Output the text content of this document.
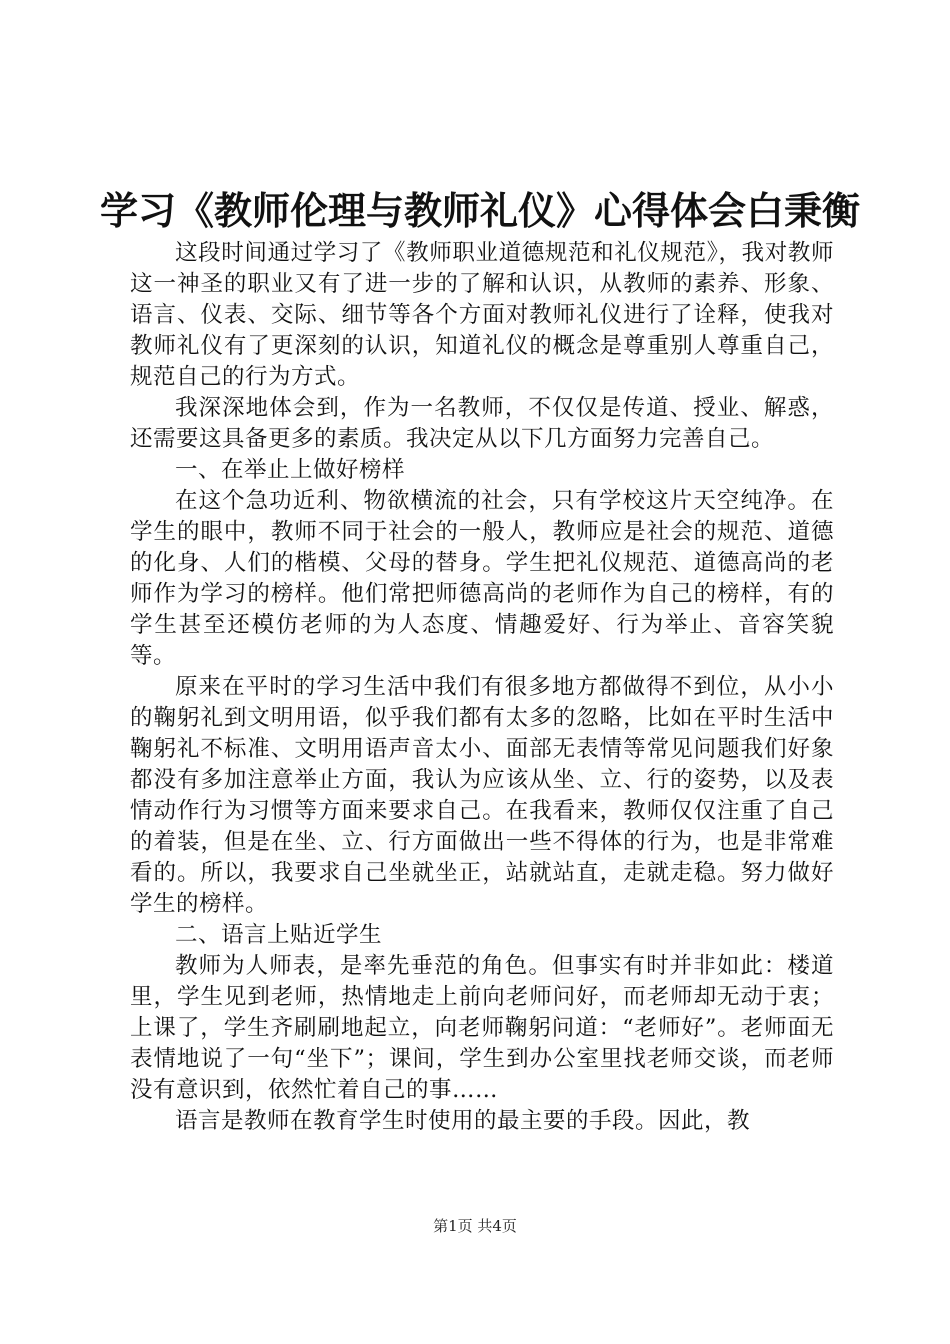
学习《教师伦理与教师礼仪》心得体会白秉衡

这段时间通过学习了《教师职业道德规范和礼仪规范》，我对教师这一神圣的职业又有了进一步的了解和认识，从教师的素养、形象、语言、仪表、交际、细节等各个方面对教师礼仪进行了诠释，使我对教师礼仪有了更深刻的认识，知道礼仪的概念是尊重别人尊重自己，规范自己的行为方式。

我深深地体会到，作为一名教师，不仅仅是传道、授业、解惑，还需要这具备更多的素质。我决定从以下几方面努力完善自己。

一、在举止上做好榜样

在这个急功近利、物欲横流的社会，只有学校这片天空纯净。在学生的眼中，教师不同于社会的一般人，教师应是社会的规范、道德的化身、人们的楷模、父母的替身。学生把礼仪规范、道德高尚的老师作为学习的榜样。他们常把师德高尚的老师作为自己的榜样，有的学生甚至还模仿老师的为人态度、情趣爱好、行为举止、音容笑貌等。

原来在平时的学习生活中我们有很多地方都做得不到位，从小小的鞠躬礼到文明用语，似乎我们都有太多的忽略，比如在平时生活中鞠躬礼不标准、文明用语声音太小、面部无表情等常见问题我们好象都没有多加注意举止方面，我认为应该从坐、立、行的姿势，以及表情动作行为习惯等方面来要求自己。在我看来，教师仅仅注重了自己的着装，但是在坐、立、行方面做出一些不得体的行为，也是非常难看的。所以，我要求自己坐就坐正，站就站直，走就走稳。努力做好学生的榜样。

二、语言上贴近学生

教师为人师表，是率先垂范的角色。但事实有时并非如此：楼道里，学生见到老师，热情地走上前向老师问好，而老师却无动于衷；上课了，学生齐刷刷地起立，向老师鞠躬问道：“老师好”。老师面无表情地说了一句“坐下”；课间，学生到办公室里找老师交谈，而老师没有意识到，依然忙着自己的事……

语言是教师在教育学生时使用的最主要的手段。因此，教

第1页 共4页
